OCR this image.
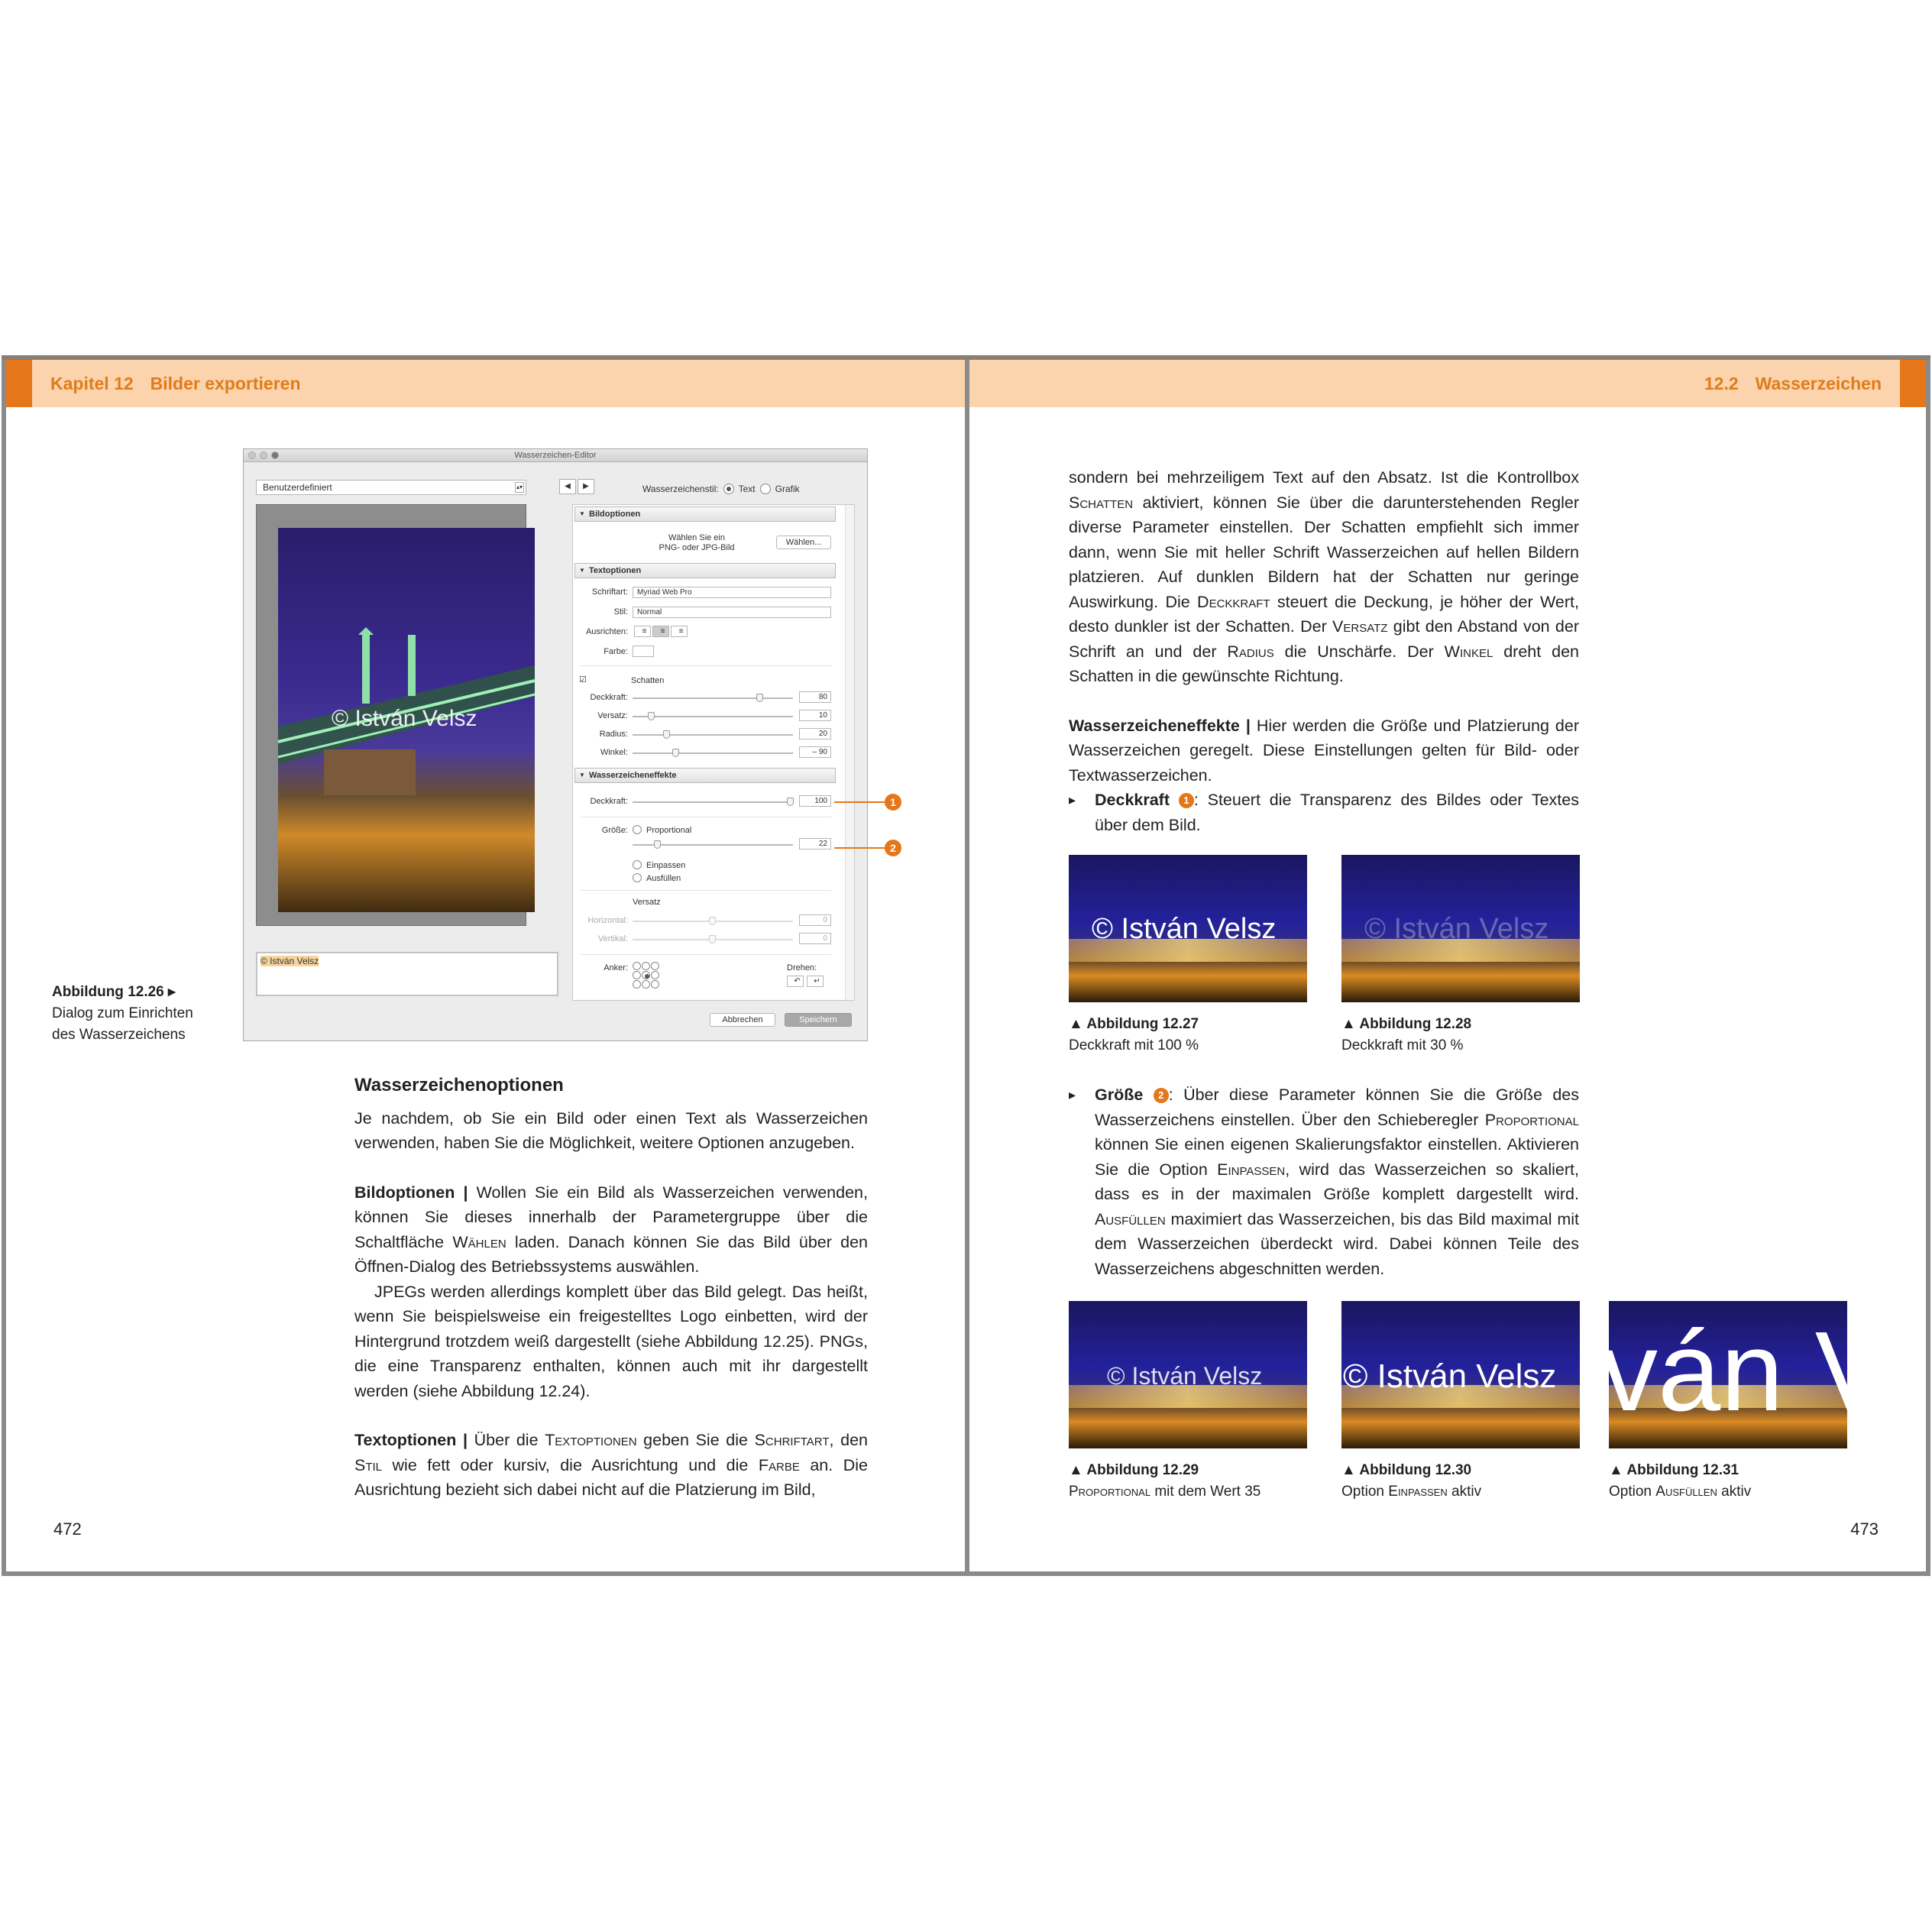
Kapitel 12 Bilder exportieren
Wasserzeichen-Editor
Benutzerdefiniert	▴▾	◀	▶	Wasserzeichenstil: Text Grafik
© István Velsz
© István Velsz
▼ Bildoptionen
Wählen Sie ein
PNG- oder JPG-Bild
Wählen...
▼ Textoptionen
Schriftart:	Myriad Web Pro
Stil:	Normal
Ausrichten:	≡	≡	≡
Farbe:
☑	Schatten
Deckkraft:	80
Versatz:	10
Radius:	20
Winkel:	– 90
▼ Wasserzeicheneffekte
Deckkraft:	100
Größe: Proportional
22
Einpassen
Ausfüllen
Versatz
Horizontal:	0
Vertikal:	0
Anker:	Drehen:
↶	↵
Abbrechen	Speichern
1
2
Abbildung 12.26 ▸
Dialog zum Einrichten
des Wasserzeichens
Wasserzeichenoptionen

Je nachdem, ob Sie ein Bild oder einen Text als Wasserzeichen verwenden, haben Sie die Möglichkeit, weitere Optionen anzugeben.

Bildoptionen | Wollen Sie ein Bild als Wasserzeichen verwenden, können Sie dieses innerhalb der Parametergruppe über die Schaltfläche Wählen laden. Danach können Sie das Bild über den Öffnen-Dialog des Betriebssystems auswählen.

JPEGs werden allerdings komplett über das Bild gelegt. Das heißt, wenn Sie beispielsweise ein freigestelltes Logo einbetten, wird der Hintergrund trotzdem weiß dargestellt (siehe Abbildung 12.25). PNGs, die eine Transparenz enthalten, können auch mit ihr dargestellt werden (siehe Abbildung 12.24).

Textoptionen | Über die Textoptionen geben Sie die Schriftart, den Stil wie fett oder kursiv, die Ausrichtung und die Farbe an. Die Ausrichtung bezieht sich dabei nicht auf die Platzierung im Bild,

472
12.2 Wasserzeichen

sondern bei mehrzeiligem Text auf den Absatz. Ist die Kontrollbox Schatten aktiviert, können Sie über die darunterstehenden Regler diverse Parameter einstellen. Der Schatten empfiehlt sich immer dann, wenn Sie mit heller Schrift Wasserzeichen auf hellen Bildern platzieren. Auf dunklen Bildern hat der Schatten nur geringe Auswirkung. Die Deckkraft steuert die Deckung, je höher der Wert, desto dunkler ist der Schatten. Der Versatz gibt den Abstand von der Schrift an und der Radius die Unschärfe. Der Winkel dreht den Schatten in die gewünschte Richtung.

Wasserzeicheneffekte | Hier werden die Größe und Platzierung der Wasserzeichen geregelt. Diese Einstellungen gelten für Bild- oder Textwasserzeichen.

▸ Deckkraft 1 : Steuert die Transparenz des Bildes oder Textes über dem Bild.

© István Velsz
▲ Abbildung 12.27
Deckkraft mit 100 %
© István Velsz
▲ Abbildung 12.28
Deckkraft mit 30 %

▸ Größe 2 : Über diese Parameter können Sie die Größe des Wasserzeichens einstellen. Über den Schieberegler Proportional können Sie einen eigenen Skalierungsfaktor einstellen. Aktivieren Sie die Option Einpassen, wird das Wasserzeichen so skaliert, dass es in der maximalen Größe komplett dargestellt wird. Ausfüllen maximiert das Wasserzeichen, bis das Bild maximal mit dem Wasserzeichen überdeckt wird. Dabei können Teile des Wasserzeichens abgeschnitten werden.

© István Velsz
▲ Abbildung 12.29
Proportional mit dem Wert 35
© István Velsz
▲ Abbildung 12.30
Option Einpassen aktiv
ván V
▲ Abbildung 12.31
Option Ausfüllen aktiv
473
